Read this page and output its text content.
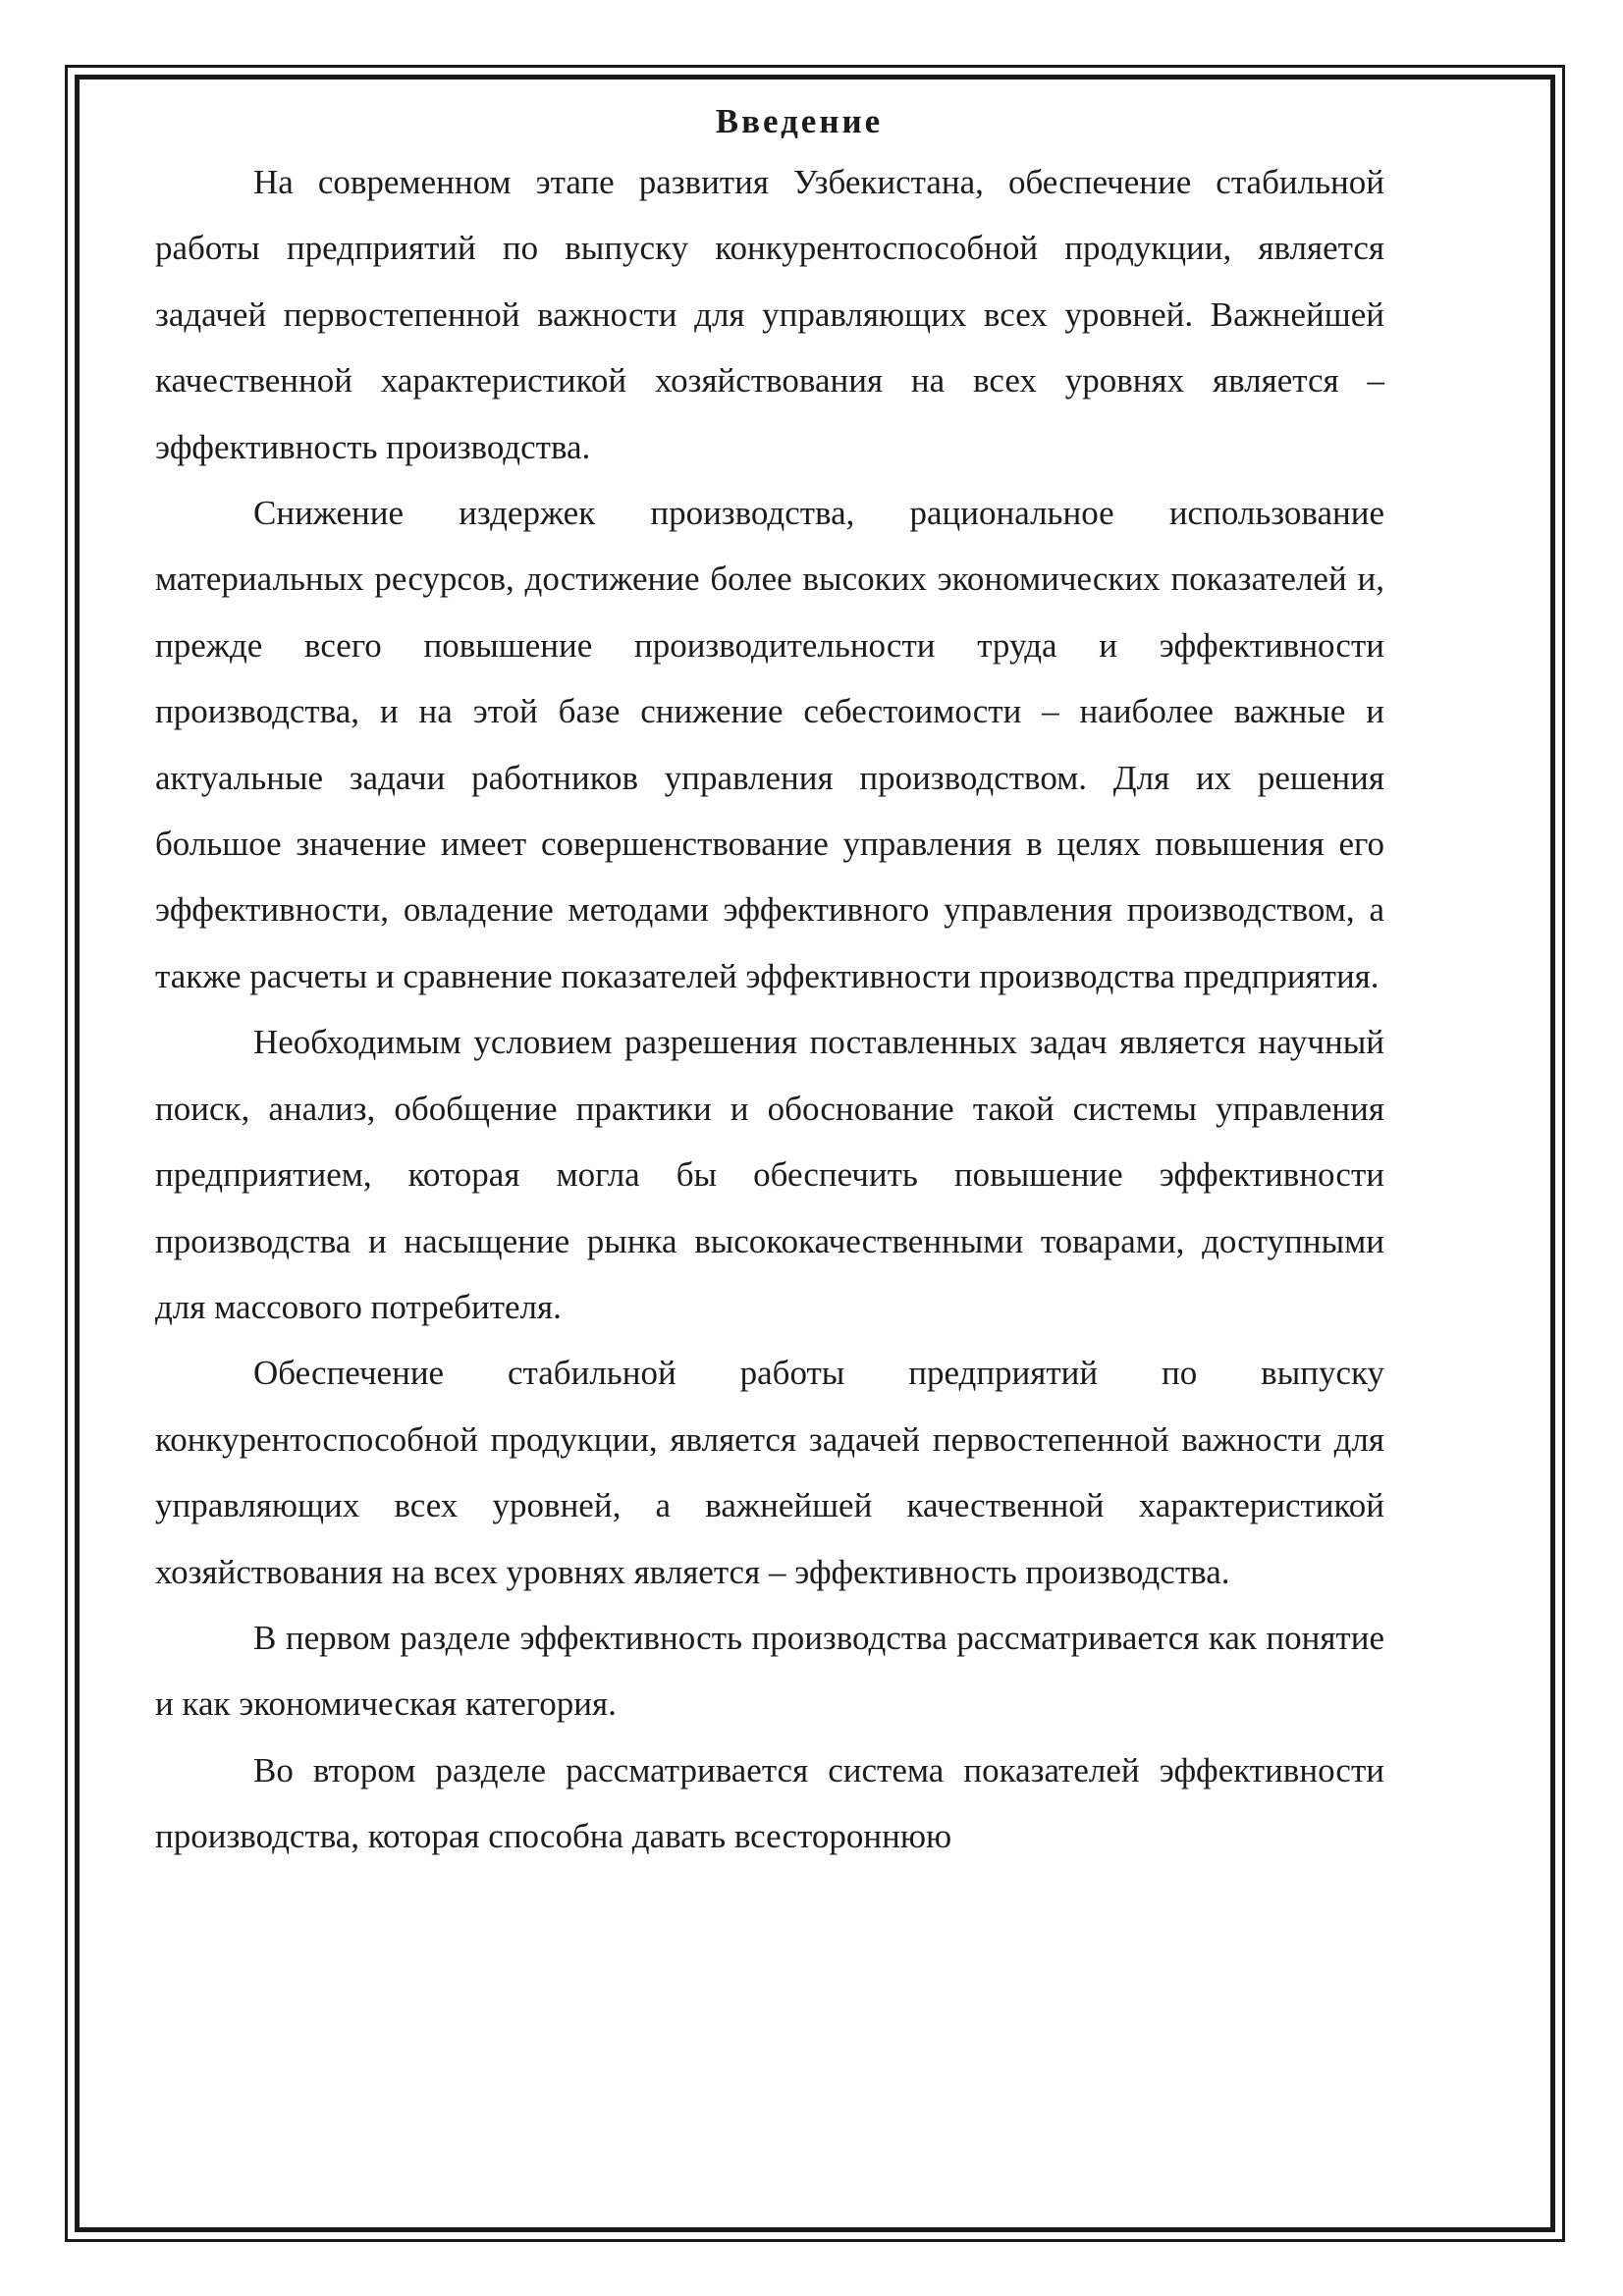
Введение

На современном этапе развития Узбекистана, обеспечение стабильной работы предприятий по выпуску конкурентоспособной продукции, является задачей первостепенной важности для управляющих всех уровней. Важнейшей качественной характеристикой хозяйствования на всех уровнях является – эффективность производства.

Снижение издержек производства, рациональное использование материальных ресурсов, достижение более высоких экономических показателей и, прежде всего повышение производительности труда и эффективности производства, и на этой базе снижение себестоимости – наиболее важные и актуальные задачи работников управления производством. Для их решения большое значение имеет совершенствование управления в целях повышения его эффективности, овладение методами эффективного управления производством, а также расчеты и сравнение показателей эффективности производства предприятия.

Необходимым условием разрешения поставленных задач является научный поиск, анализ, обобщение практики и обоснование такой системы управления предприятием, которая могла бы обеспечить повышение эффективности производства и насыщение рынка высококачественными товарами, доступными для массового потребителя.

Обеспечение стабильной работы предприятий по выпуску конкурентоспособной продукции, является задачей первостепенной важности для управляющих всех уровней, а важнейшей качественной характеристикой хозяйствования на всех уровнях является – эффективность производства.

В первом разделе эффективность производства рассматривается как понятие и как экономическая категория.

Во втором разделе рассматривается система показателей эффективности производства, которая способна давать всестороннюю
